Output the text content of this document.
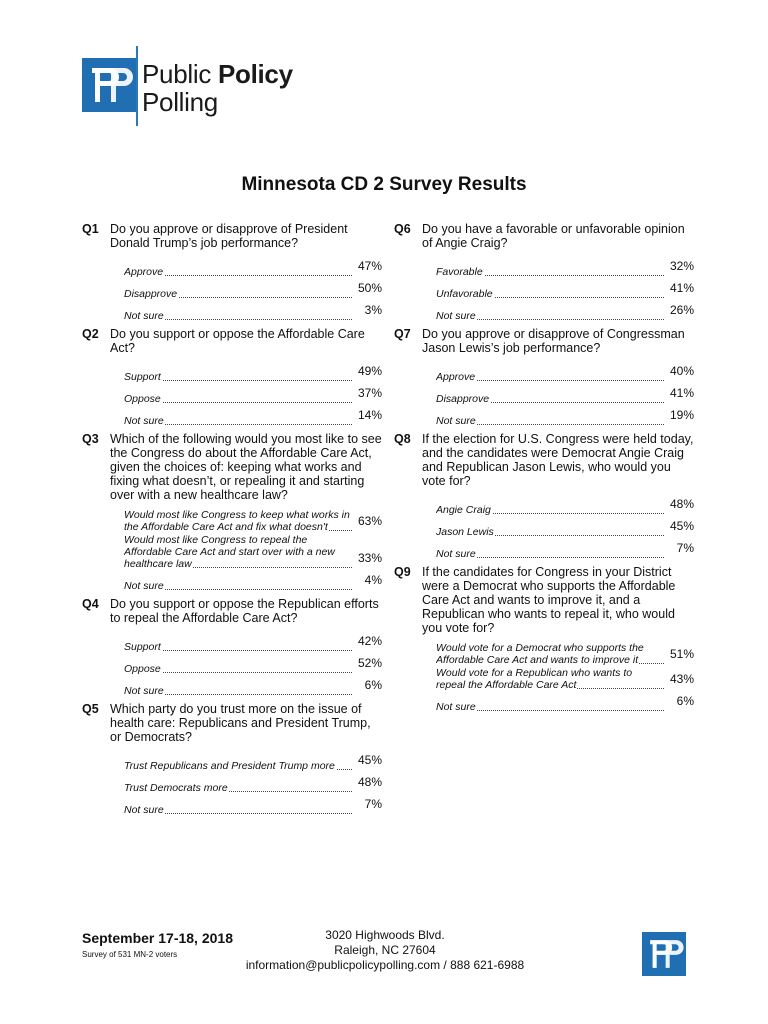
Public Policy
Polling
Minnesota CD 2 Survey Results
Q1 Do you approve or disapprove of President Donald Trump’s job performance?
Approve	47%
Disapprove	50%
Not sure	3%
Q2 Do you support or oppose the Affordable Care Act?
Support	49%
Oppose	37%
Not sure	14%
Q3 Which of the following would you most like to see the Congress do about the Affordable Care Act, given the choices of: keeping what works and fixing what doesn’t, or repealing it and starting over with a new healthcare law?
Would most like Congress to keep what works in the Affordable Care Act and fix what doesn't	63%
Would most like Congress to repeal the Affordable Care Act and start over with a new healthcare law	33%
Not sure	4%
Q4 Do you support or oppose the Republican efforts to repeal the Affordable Care Act?
Support	42%
Oppose	52%
Not sure	6%
Q5 Which party do you trust more on the issue of health care: Republicans and President Trump, or Democrats?
Trust Republicans and President Trump more	45%
Trust Democrats more	48%
Not sure	7%
Q6 Do you have a favorable or unfavorable opinion of Angie Craig?
Favorable	32%
Unfavorable	41%
Not sure	26%
Q7 Do you approve or disapprove of Congressman Jason Lewis’s job performance?
Approve	40%
Disapprove	41%
Not sure	19%
Q8 If the election for U.S. Congress were held today, and the candidates were Democrat Angie Craig and Republican Jason Lewis, who would you vote for?
Angie Craig	48%
Jason Lewis	45%
Not sure	7%
Q9 If the candidates for Congress in your District were a Democrat who supports the Affordable Care Act and wants to improve it, and a Republican who wants to repeal it, who would you vote for?
Would vote for a Democrat who supports the Affordable Care Act and wants to improve it	51%
Would vote for a Republican who wants to repeal the Affordable Care Act	43%
Not sure	6%
September 17-18, 2018
Survey of 531 MN-2 voters
3020 Highwoods Blvd.
Raleigh, NC 27604
information@publicpolicypolling.com / 888 621-6988
